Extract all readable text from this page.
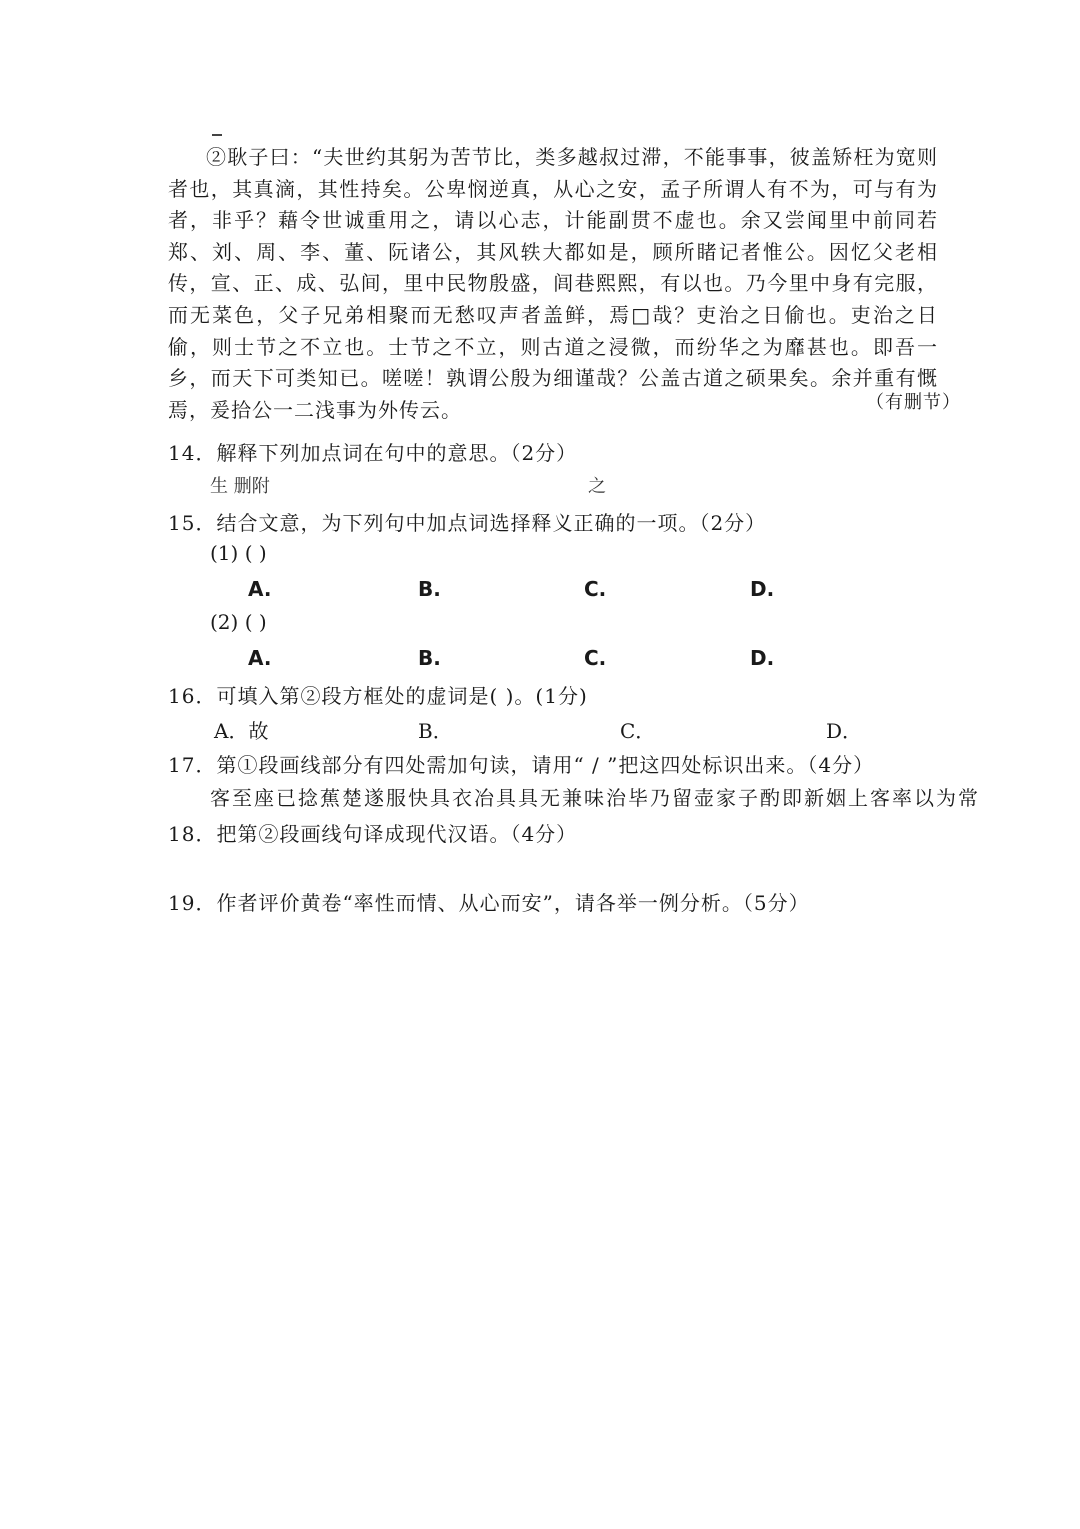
②耿子曰：“夫世约其躬为苦节比，类多越叔过滞，不能事事，彼盖矫枉为宽则者也，其真滴，其性持矣。公卑悯逆真，从心之安，孟子所谓人有不为，可与有为者，非乎？藉令世诚重用之，请以心志，计能副贯不虚也。余又尝闻里中前同若郑、刘、周、李、董、阮诸公，其风轶大都如是，顾所睹记者惟公。因忆父老相传，宣、正、成、弘间，里中民物殷盛，闾巷熙熙，有以也。乃今里中身有完服，而无菜色，父子兄弟相聚而无愁叹声者盖鲜，焉□哉？吏治之日偷也。吏治之日偷，则士节之不立也。士节之不立，则古道之浸微，而纷华之为靡甚也。即吾一乡，而天下可类知已。嗟嗟！孰谓公殷为细谨哉？公盖古道之硕果矣。余并重有慨焉，爰拾公一二浅事为外传云。	（有删节）
14．解释下列加点词在句中的意思。（2分）
生 删附	之
15．结合文意，为下列句中加点词选择释义正确的一项。（2分）
(1) ( )
A.	B.	C.	D.
(2) ( )
A.	B.	C.	D.
16．可填入第②段方框处的虚词是( )。(1分)
A．故	B．	C．	D．
17．第①段画线部分有四处需加句读，请用“ / ”把这四处标识出来。（4分）
客至座已捻蕉楚遂服快具衣冶具具无兼味治毕乃留壶家子酌即新姻上客率以为常
18．把第②段画线句译成现代汉语。（4分）
19．作者评价黄卷“率性而情、从心而安”，请各举一例分析。（5分）
